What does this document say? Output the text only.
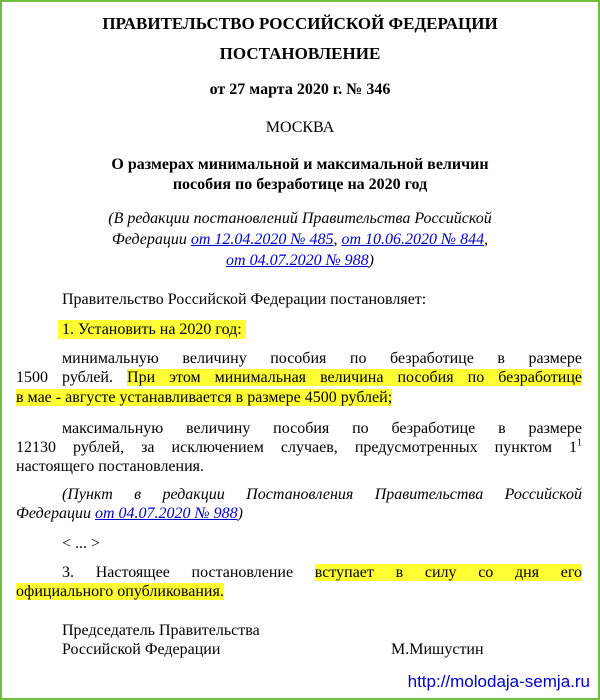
ПРАВИТЕЛЬСТВО РОССИЙСКОЙ ФЕДЕРАЦИИ
ПОСТАНОВЛЕНИЕ
от 27 марта 2020 г. № 346
МОСКВА
О размерах минимальной и максимальной величин
пособия по безработице на 2020 год
(В редакции постановлений Правительства Российской
Федерации от 12.04.2020 № 485, от 10.06.2020 № 844,
от 04.07.2020 № 988)
Правительство Российской Федерации постановляет:
1. Установить на 2020 год:
минимальную величину пособия по безработице в размере
1500 рублей. При этом минимальная величина пособия по безработице
в мае - августе устанавливается в размере 4500 рублей;
максимальную величину пособия по безработице в размере
12130 рублей, за исключением случаев, предусмотренных пунктом $1^1$
настоящего постановления.
(Пункт в редакции Постановления Правительства Российской
Федерации от 04.07.2020 № 988)
< ... >
3. Настоящее постановление вступает в силу со дня его
официального опубликования.
Председатель Правительства
Российской Федерации	М.Мишустин
http://molodaja-semja.ru
